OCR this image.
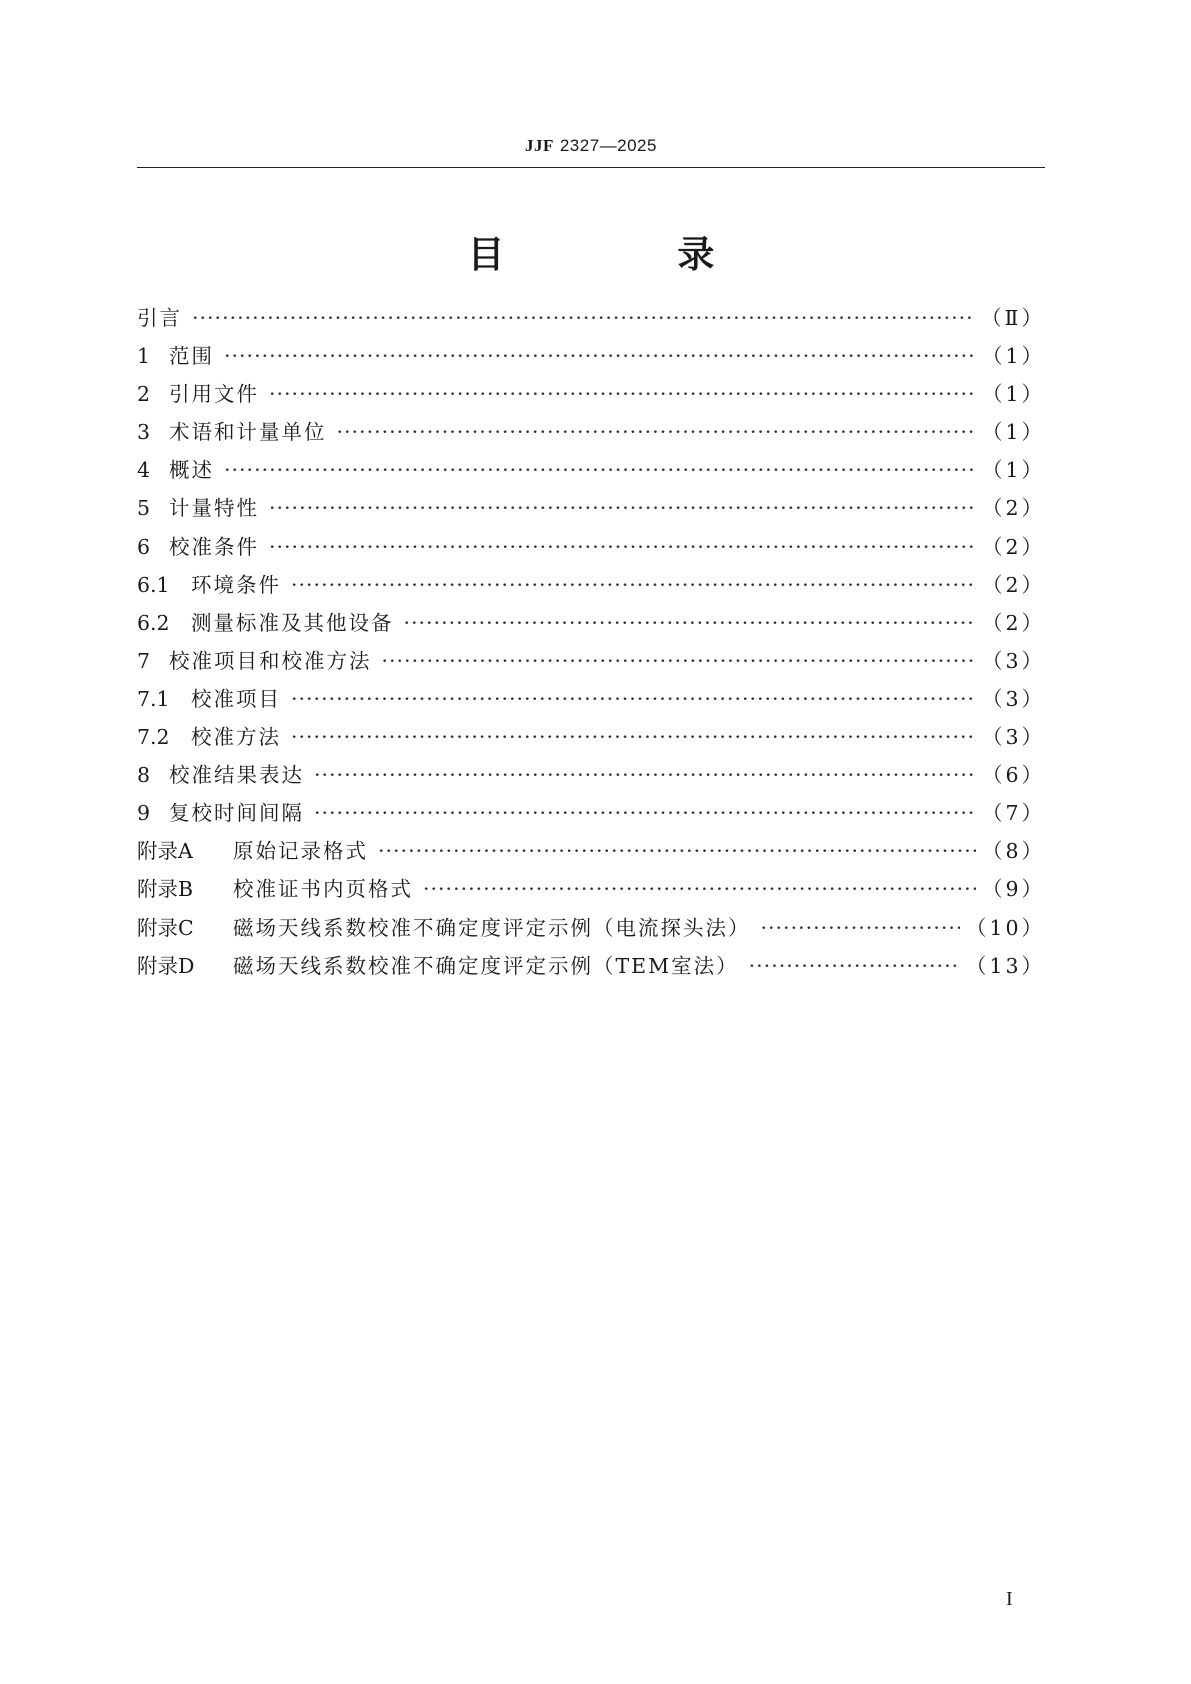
JJF 2327—2025
目 录
引言 ·····	（Ⅱ）
1 范围 ·····	（1）
2 引用文件 ·····	（1）
3 术语和计量单位 ·····	（1）
4 概述 ·····	（1）
5 计量特性 ·····	（2）
6 校准条件 ·····	（2）
6.1	环境条件 ·····	（2）
6.2	测量标准及其他设备 ·····	（2）
7 校准项目和校准方法 ·····	（3）
7.1	校准项目 ·····	（3）
7.2	校准方法 ·····	（3）
8 校准结果表达 ·····	（6）
9 复校时间间隔 ·····	（7）
附录A	原始记录格式 ·····	（8）
附录B	校准证书内页格式 ·····	（9）
附录C	磁场天线系数校准不确定度评定示例（电流探头法） ·····	（10）
附录D	磁场天线系数校准不确定度评定示例（TEM室法） ·····	（13）
I
